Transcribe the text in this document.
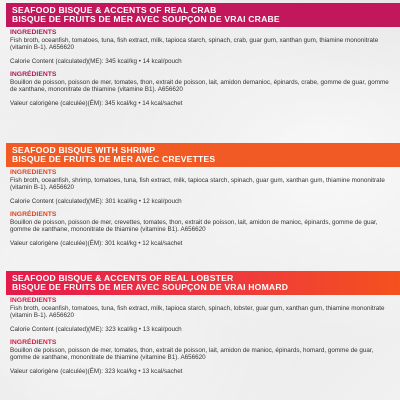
SEAFOOD BISQUE & ACCENTS OF REAL CRAB
BISQUE DE FRUITS DE MER AVEC SOUPÇON DE VRAI CRABE
INGREDIENTS

Fish broth, oceanfish, tomatoes, tuna, fish extract, milk, tapioca starch, spinach, crab, guar gum, xanthan gum, thiamine mononitrate (vitamin B-1). A656620

Calorie Content (calculated)(ME): 345 kcal/kg • 14 kcal/pouch

INGRÉDIENTS

Bouillon de poisson, poisson de mer, tomates, thon, extrait de poisson, lait, amidon demanioc, épinards, crabe, gomme de guar, gomme de xanthane, mononitrate de thiamine (vitamine B1). A656620

Valeur calorigène (calculée)(ÉM): 345 kcal/kg • 14 kcal/sachet

SEAFOOD BISQUE WITH SHRIMP
BISQUE DE FRUITS DE MER AVEC CREVETTES
INGREDIENTS

Fish broth, oceanfish, shrimp, tomatoes, tuna, fish extract, milk, tapioca starch, spinach, guar gum, xanthan gum, thiamine mononitrate (vitamin B-1). A656620

Calorie Content (calculated)(ME): 301 kcal/kg • 12 kcal/pouch

INGRÉDIENTS

Bouillon de poisson, poisson de mer, crevettes, tomates, thon, extrait de poisson, lait, amidon de manioc, épinards, gomme de guar, gomme de xanthane, mononitrate de thiamine (vitamine B1). A656620

Valeur calorigène (calculée)(ÉM): 301 kcal/kg • 12 kcal/sachet

SEAFOOD BISQUE & ACCENTS OF REAL LOBSTER
BISQUE DE FRUITS DE MER AVEC SOUPÇON DE VRAI HOMARD
INGREDIENTS

Fish broth, oceanfish, tomatoes, tuna, fish extract, milk, tapioca starch, spinach, lobster, guar gum, xanthan gum, thiamine mononitrate (vitamin B-1). A656620

Calorie Content (calculated)(ME): 323 kcal/kg • 13 kcal/pouch

INGRÉDIENTS

Bouillon de poisson, poisson de mer, tomates, thon, extrait de poisson, lait, amidon de manioc, épinards, homard, gomme de guar, gomme de xanthane, mononitrate de thiamine (vitamine B1). A656620

Valeur calorigène (calculée)(ÉM): 323 kcal/kg • 13 kcal/sachet
